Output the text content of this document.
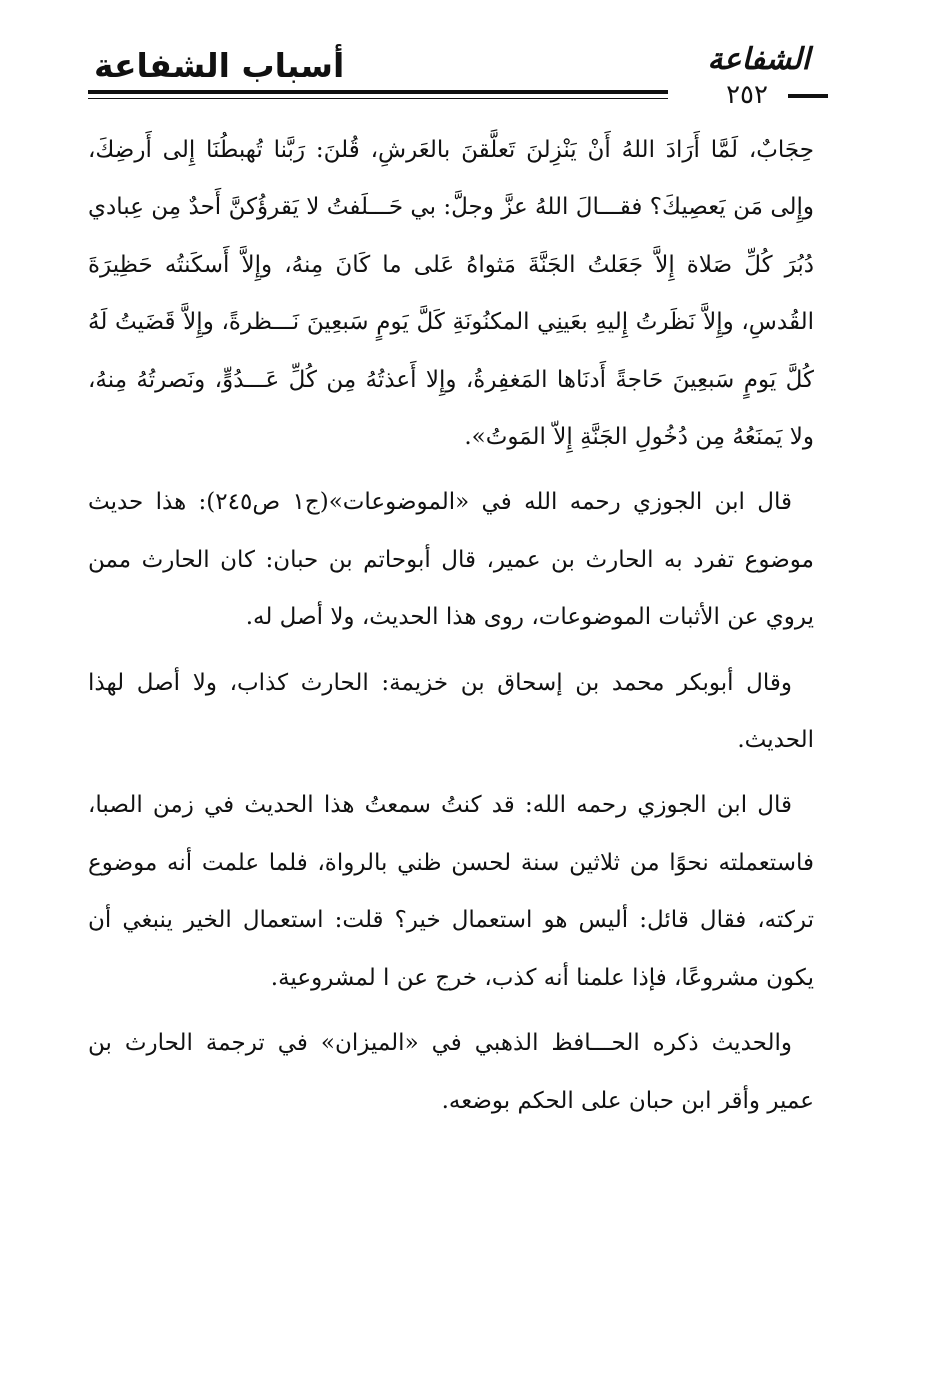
أسباب الشفاعة	الشفاعة
٢٥٢

حِجَابٌ، لَمَّا أَرَادَ اللهُ أَنْ يَنْزِلنَ تَعلَّقنَ بالعَرشِ، قُلنَ: رَبَّنا تُهبطُنَا إِلى أَرضِكَ، وإِلى مَن يَعصِيكَ؟ فقـــالَ اللهُ عزَّ وجلَّ: بي حَـــلَفتُ لا يَقرؤُكنَّ أَحدٌ مِن عِبادي دُبُرَ كُلِّ صَلاة إِلاَّ جَعَلتُ الجَنَّةَ مَثواهُ عَلى ما كَانَ مِنهُ، وإِلاَّ أَسكَنتُه حَظِيرَةَ القُدسِ، وإِلاَّ نَظَرتُ إِليهِ بعَينِي المكنُونَةِ كَلَّ يَومٍ سَبعِينَ نَـــظرةً، وإِلاَّ قَضَيتُ لَهُ كُلَّ يَومٍ سَبعِينَ حَاجةً أَدنَاها المَغفِرةُ، وإِلا أَعذتُهُ مِن كُلِّ عَـــدُوٍّ، ونَصرتُهُ مِنهُ، ولا يَمنَعُهُ مِن دُخُولِ الجَنَّةِ إِلاّ المَوتُ».

قال ابن الجوزي رحمه الله في «الموضوعات»(ج١ ص٢٤٥): هذا حديث موضوع تفرد به الحارث بن عمير، قال أبوحاتم بن حبان: كان الحارث ممن يروي عن الأثبات الموضوعات، روى هذا الحديث، ولا أصل له.

وقال أبوبكر محمد بن إسحاق بن خزيمة: الحارث كذاب، ولا أصل لهذا الحديث.

قال ابن الجوزي رحمه الله: قد كنتُ سمعتُ هذا الحديث في زمن الصبا، فاستعملته نحوًا من ثلاثين سنة لحسن ظني بالرواة، فلما علمت أنه موضوع تركته، فقال قائل: أليس هو استعمال خير؟ قلت: استعمال الخير ينبغي أن يكون مشروعًا، فإذا علمنا أنه كذب، خرج عن ا لمشروعية.

والحديث ذكره الحـــافظ الذهبي في «الميزان» في ترجمة الحارث بن عمير وأقر ابن حبان على الحكم بوضعه.
